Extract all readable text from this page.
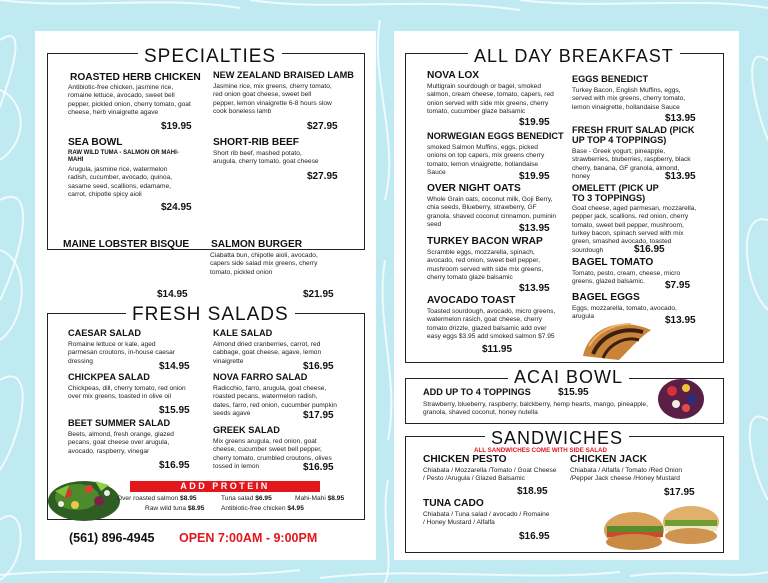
SPECIALTIES
ROASTED HERB CHICKEN
Antibiotic-free chicken, jasmine rice, romaine lettuce, avocado, sweet bell pepper, pickled onion, cherry tomato, goat cheese, herb vinaigrette agave
$19.95
NEW ZEALAND BRAISED LAMB
Jasmine rice, mix greens, cherry tomato, red onion goat cheese, sweet bell pepper, lemon vinaigrette 6-8 hours slow cook boneless lamb
$27.95
SEA BOWL
RAW WILD TUMA - SALMON OR MAHI-MAHI
Arugula, jasmine rice, watermelon radish, cucumber, avocado, quinoa, sasame seed, scallions, edamame, carrot, chipotle spicy aioli
$24.95
SHORT-RIB BEEF
Short rib beef, mashed potato, arugula, cherry tomato, goat cheese
$27.95
MAINE LOBSTER BISQUE
$14.95
SALMON BURGER
Ciabatta bun, chipotle aioli, avocado, capers side salad mix greens, cherry tomato, pickled onion
$21.95
FRESH SALADS
CAESAR SALAD
Romaine lettuce or kale, aged parmesan croutons, in-house caesar dressing	$14.95
KALE SALAD
Almond dried cranberries, carrot, red cabbage, goat cheese, agave, lemon vinaigrette	$16.95
CHICKPEA SALAD
Chickpeas, dill, cherry tomato, red onion over mix greens, toasted in olive oil
$15.95
NOVA FARRO SALAD
Radicchio, farro, arugula, goat cheese, roasted pecans, watermelon radish, dates, farro, red onion, cucumber pumpkin seeds agave	$17.95
BEET SUMMER SALAD
Beets, almond, fresh orange, glazed pecans, goat cheese over arugula, avocado, raspberry, vinegar
$16.95
GREEK SALAD
Mix greens arugula, red onion, goat cheese, cucumber sweet bell pepper, cherry tomato, crumbled croutons, olives tossed in lemon	$16.95
ADD PROTEIN
Over roasted salmon $8.95	Tuna salad $6.95	Mahi-Mahi $8.95
Raw wild tuna $8.95	Antibiotic-free chicken $4.95
(561) 896-4945 OPEN 7:00AM - 9:00PM
ALL DAY BREAKFAST
NOVA LOX
Multigrain sourdough or bagel, smoked salmon, cream cheese, tomato, capers, red onion served with side mix greens, cherry tomato, cucumber glaze balsamic
$19.95
EGGS BENEDICT
Turkey Bacon, English Muffins, eggs, served with mix greens, cherry tomato, lemon vinaigrette, hollandaise Sauce
$13.95
NORWEGIAN EGGS BENEDICT
smoked Salmon Muffins, eggs, picked onions on top capers, mix greens cherry tomato, lemon vinaigrette, hollandaise Sauce	$19.95
FRESH FRUIT SALAD (PICK UP TOP 4 TOPPINGS)
Base - Greek yogurt, pineapple, strawberries, bluberries, raspberry, black cherry, banana, GF granola, almond, honey	$13.95
OVER NIGHT OATS
Whole Grain oats, coconut milk, Goji Berry, chia seeds, Blueberry, strawberry, GF granola, shaved coconut cinnamon, puminin seed	$13.95
OMELETT (PICK UP TO 3 TOPPINGS)
Goat cheese, aged parmesan, mozzarella, pepper jack, scallions, red onion, cherry tomato, sweet bell pepper, mushroom, turkey bacon, spinach served with mix green, smashed avocado, toasted sourdough	$16.95
TURKEY BACON WRAP
Scramble eggs, mozzarella, spinach, avocado, red onion, sweet bell pepper, mushroom served with side mix greens, cherry tomato glaze balsamic
$13.95
BAGEL TOMATO
Tomato, pesto, cream, cheese, micro greens, glazed balsamic.	$7.95
AVOCADO TOAST
Toasted sourdough, avocado, micro greens, watermelon rasich, goat cheese, cherry tomato drizzle, glazed balsamic add over easy eggs $3.95 add smoked salmon $7.95
$11.95
BAGEL EGGS
Eggs, mozzarella, tomato, avocado, arugula	$13.95
ACAI BOWL
ADD UP TO 4 TOPPINGS	$15.95
Strawberry, blueberry, raspberry, balckberry, hemp hearts, mango, pineapple, granola, shaved coconut, honey nutella
SANDWICHES
ALL SANDWICHES COME WITH SIDE SALAD
CHICKEN PESTO
Chiabata / Mozzarella /Tomato / Goat Cheese / Pesto /Arugula / Glazed Balsamic
$18.95
CHICKEN JACK
Chiabata / Alfalfa / Tomato /Red Onion /Pepper Jack cheese /Honey Mustard
$17.95
TUNA CADO
Chiabata / Tuna salad / avocado / Romaine / Honey Mustard / Alfalfa
$16.95
